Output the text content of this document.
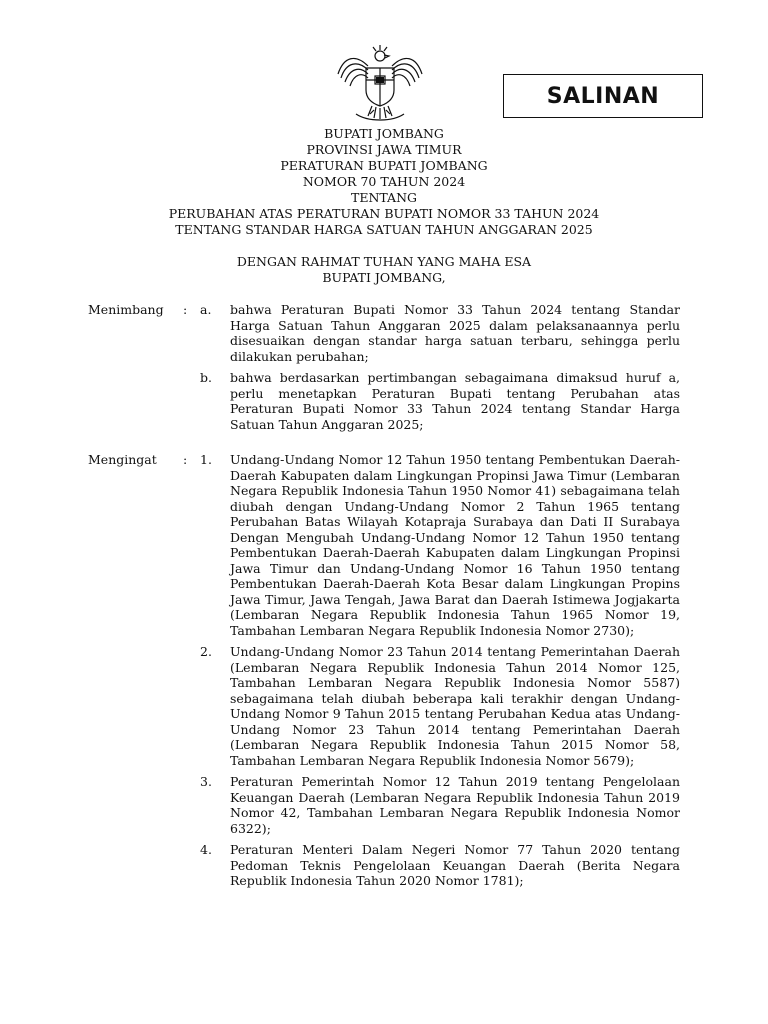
SALINAN
BUPATI JOMBANG
PROVINSI JAWA TIMUR
PERATURAN BUPATI JOMBANG
NOMOR 70 TAHUN 2024
TENTANG
PERUBAHAN ATAS PERATURAN BUPATI NOMOR 33 TAHUN 2024
TENTANG STANDAR HARGA SATUAN TAHUN ANGGARAN 2025
DENGAN RAHMAT TUHAN YANG MAHA ESA
BUPATI JOMBANG,
Menimbang : a.	bahwa Peraturan Bupati Nomor 33 Tahun 2024 tentang Standar Harga Satuan Tahun Anggaran 2025 dalam pelaksanaannya perlu disesuaikan dengan standar harga satuan terbaru, sehingga perlu dilakukan perubahan;
b.	bahwa berdasarkan pertimbangan sebagaimana dimaksud huruf a, perlu menetapkan Peraturan Bupati tentang Perubahan atas Peraturan Bupati Nomor 33 Tahun 2024 tentang Standar Harga Satuan Tahun Anggaran 2025;
Mengingat : 1.	Undang-Undang Nomor 12 Tahun 1950 tentang Pembentukan Daerah-Daerah Kabupaten dalam Lingkungan Propinsi Jawa Timur (Lembaran Negara Republik Indonesia Tahun 1950 Nomor 41) sebagaimana telah diubah dengan Undang-Undang Nomor 2 Tahun 1965 tentang Perubahan Batas Wilayah Kotapraja Surabaya dan Dati II Surabaya Dengan Mengubah Undang-Undang Nomor 12 Tahun 1950 tentang Pembentukan Daerah-Daerah Kabupaten dalam Lingkungan Propinsi Jawa Timur dan Undang-Undang Nomor 16 Tahun 1950 tentang Pembentukan Daerah-Daerah Kota Besar dalam Lingkungan Propins Jawa Timur, Jawa Tengah, Jawa Barat dan Daerah Istimewa Jogjakarta (Lembaran Negara Republik Indonesia Tahun 1965 Nomor 19, Tambahan Lembaran Negara Republik Indonesia Nomor 2730);
2.	Undang-Undang Nomor 23 Tahun 2014 tentang Pemerintahan Daerah (Lembaran Negara Republik Indonesia Tahun 2014 Nomor 125, Tambahan Lembaran Negara Republik Indonesia Nomor 5587) sebagaimana telah diubah beberapa kali terakhir dengan Undang-Undang Nomor 9 Tahun 2015 tentang Perubahan Kedua atas Undang-Undang Nomor 23 Tahun 2014 tentang Pemerintahan Daerah (Lembaran Negara Republik Indonesia Tahun 2015 Nomor 58, Tambahan Lembaran Negara Republik Indonesia Nomor 5679);
3.	Peraturan Pemerintah Nomor 12 Tahun 2019 tentang Pengelolaan Keuangan Daerah (Lembaran Negara Republik Indonesia Tahun 2019 Nomor 42, Tambahan Lembaran Negara Republik Indonesia Nomor 6322);
4.	Peraturan Menteri Dalam Negeri Nomor 77 Tahun 2020 tentang Pedoman Teknis Pengelolaan Keuangan Daerah (Berita Negara Republik Indonesia Tahun 2020 Nomor 1781);
